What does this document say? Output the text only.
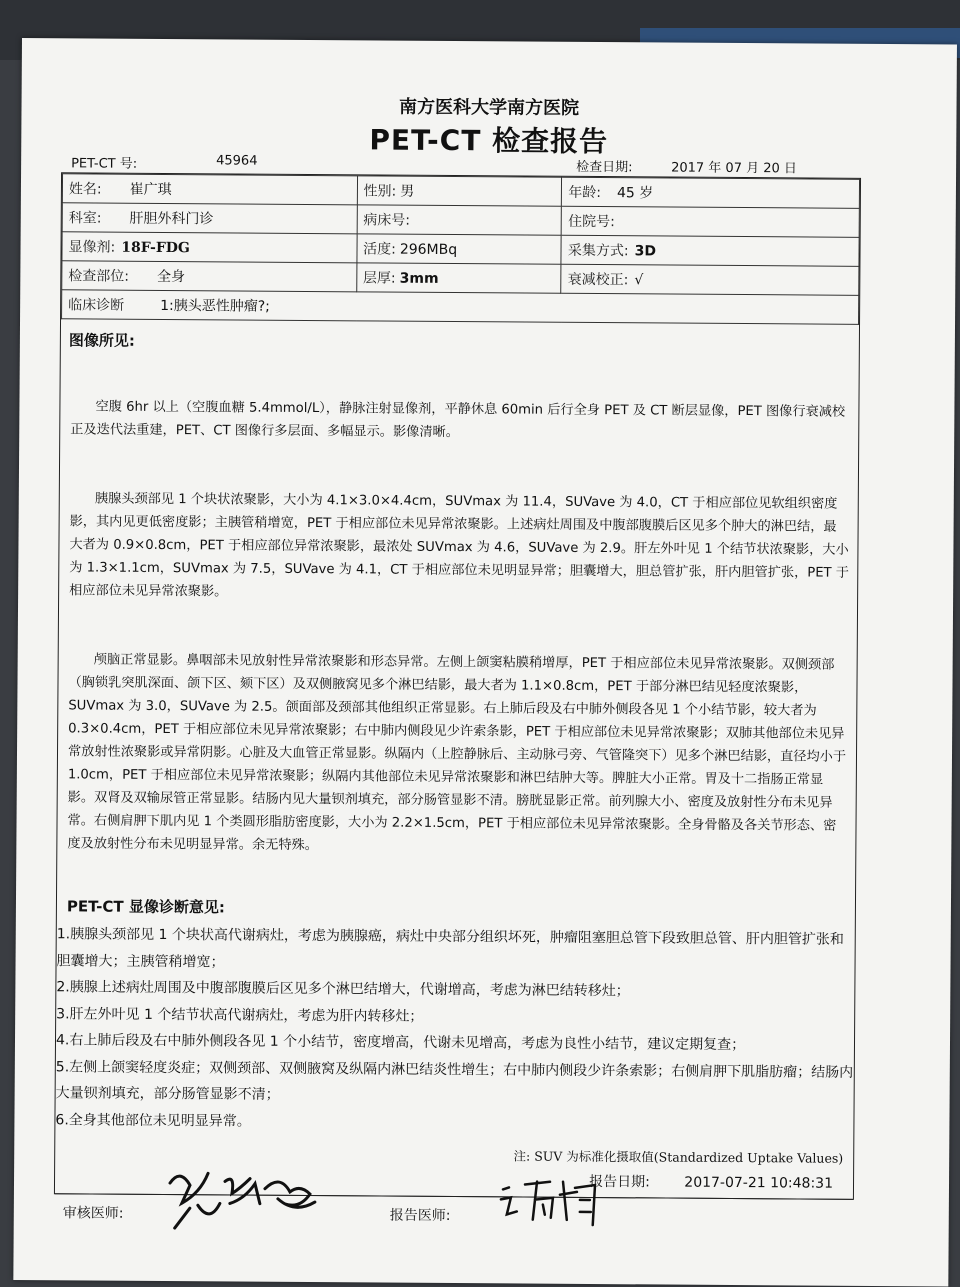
南方医科大学南方医院
PET-CT 检查报告
PET-CT 号:	45964	检查日期:	2017 年 07 月 20 日
姓名: 崔广琪	性别: 男	年龄: 45 岁
科室: 肝胆外科门诊	病床号:	住院号:
显像剂: 18F-FDG	活度: 296MBq	采集方式: 3D
检查部位: 全身	层厚: 3mm	衰减校正: √
临床诊断 1:胰头恶性肿瘤?;		
图像所见:

空腹 6hr 以上（空腹血糖 5.4mmol/L），静脉注射显像剂，平静休息 60min 后行全身 PET 及 CT 断层显像，PET 图像行衰减校正及迭代法重建，PET、CT 图像行多层面、多幅显示。影像清晰。

胰腺头颈部见 1 个块状浓聚影，大小为 4.1×3.0×4.4cm，SUVmax 为 11.4，SUVave 为 4.0，CT 于相应部位见软组织密度影，其内见更低密度影；主胰管稍增宽，PET 于相应部位未见异常浓聚影。上述病灶周围及中腹部腹膜后区见多个肿大的淋巴结，最大者为 0.9×0.8cm，PET 于相应部位异常浓聚影，最浓处 SUVmax 为 4.6，SUVave 为 2.9。肝左外叶见 1 个结节状浓聚影，大小为 1.3×1.1cm，SUVmax 为 7.5，SUVave 为 4.1，CT 于相应部位未见明显异常；胆囊增大，胆总管扩张，肝内胆管扩张，PET 于相应部位未见异常浓聚影。

颅脑正常显影。鼻咽部未见放射性异常浓聚影和形态异常。左侧上颌窦粘膜稍增厚，PET 于相应部位未见异常浓聚影。双侧颈部（胸锁乳突肌深面、颌下区、颏下区）及双侧腋窝见多个淋巴结影，最大者为 1.1×0.8cm，PET 于部分淋巴结见轻度浓聚影，SUVmax 为 3.0，SUVave 为 2.5。颌面部及颈部其他组织正常显影。右上肺后段及右中肺外侧段各见 1 个小结节影，较大者为 0.3×0.4cm，PET 于相应部位未见异常浓聚影；右中肺内侧段见少许索条影，PET 于相应部位未见异常浓聚影；双肺其他部位未见异常放射性浓聚影或异常阴影。心脏及大血管正常显影。纵隔内（上腔静脉后、主动脉弓旁、气管隆突下）见多个淋巴结影，直径均小于 1.0cm，PET 于相应部位未见异常浓聚影；纵隔内其他部位未见异常浓聚影和淋巴结肿大等。脾脏大小正常。胃及十二指肠正常显影。双肾及双输尿管正常显影。结肠内见大量钡剂填充，部分肠管显影不清。膀胱显影正常。前列腺大小、密度及放射性分布未见异常。右侧肩胛下肌内见 1 个类圆形脂肪密度影，大小为 2.2×1.5cm，PET 于相应部位未见异常浓聚影。全身骨骼及各关节形态、密度及放射性分布未见明显异常。余无特殊。

PET-CT 显像诊断意见:

1.胰腺头颈部见 1 个块状高代谢病灶，考虑为胰腺癌，病灶中央部分组织坏死，肿瘤阻塞胆总管下段致胆总管、肝内胆管扩张和胆囊增大；主胰管稍增宽；

2.胰腺上述病灶周围及中腹部腹膜后区见多个淋巴结增大，代谢增高，考虑为淋巴结转移灶；

3.肝左外叶见 1 个结节状高代谢病灶，考虑为肝内转移灶；

4.右上肺后段及右中肺外侧段各见 1 个小结节，密度增高，代谢未见增高，考虑为良性小结节，建议定期复查；

5.左侧上颌窦轻度炎症；双侧颈部、双侧腋窝及纵隔内淋巴结炎性增生；右中肺内侧段少许条索影；右侧肩胛下肌脂肪瘤；结肠内大量钡剂填充，部分肠管显影不清；

6.全身其他部位未见明显异常。

注: SUV 为标准化摄取值(Standardized Uptake Values)
报告日期: 2017-07-21 10:48:31
审核医师:	报告医师:
